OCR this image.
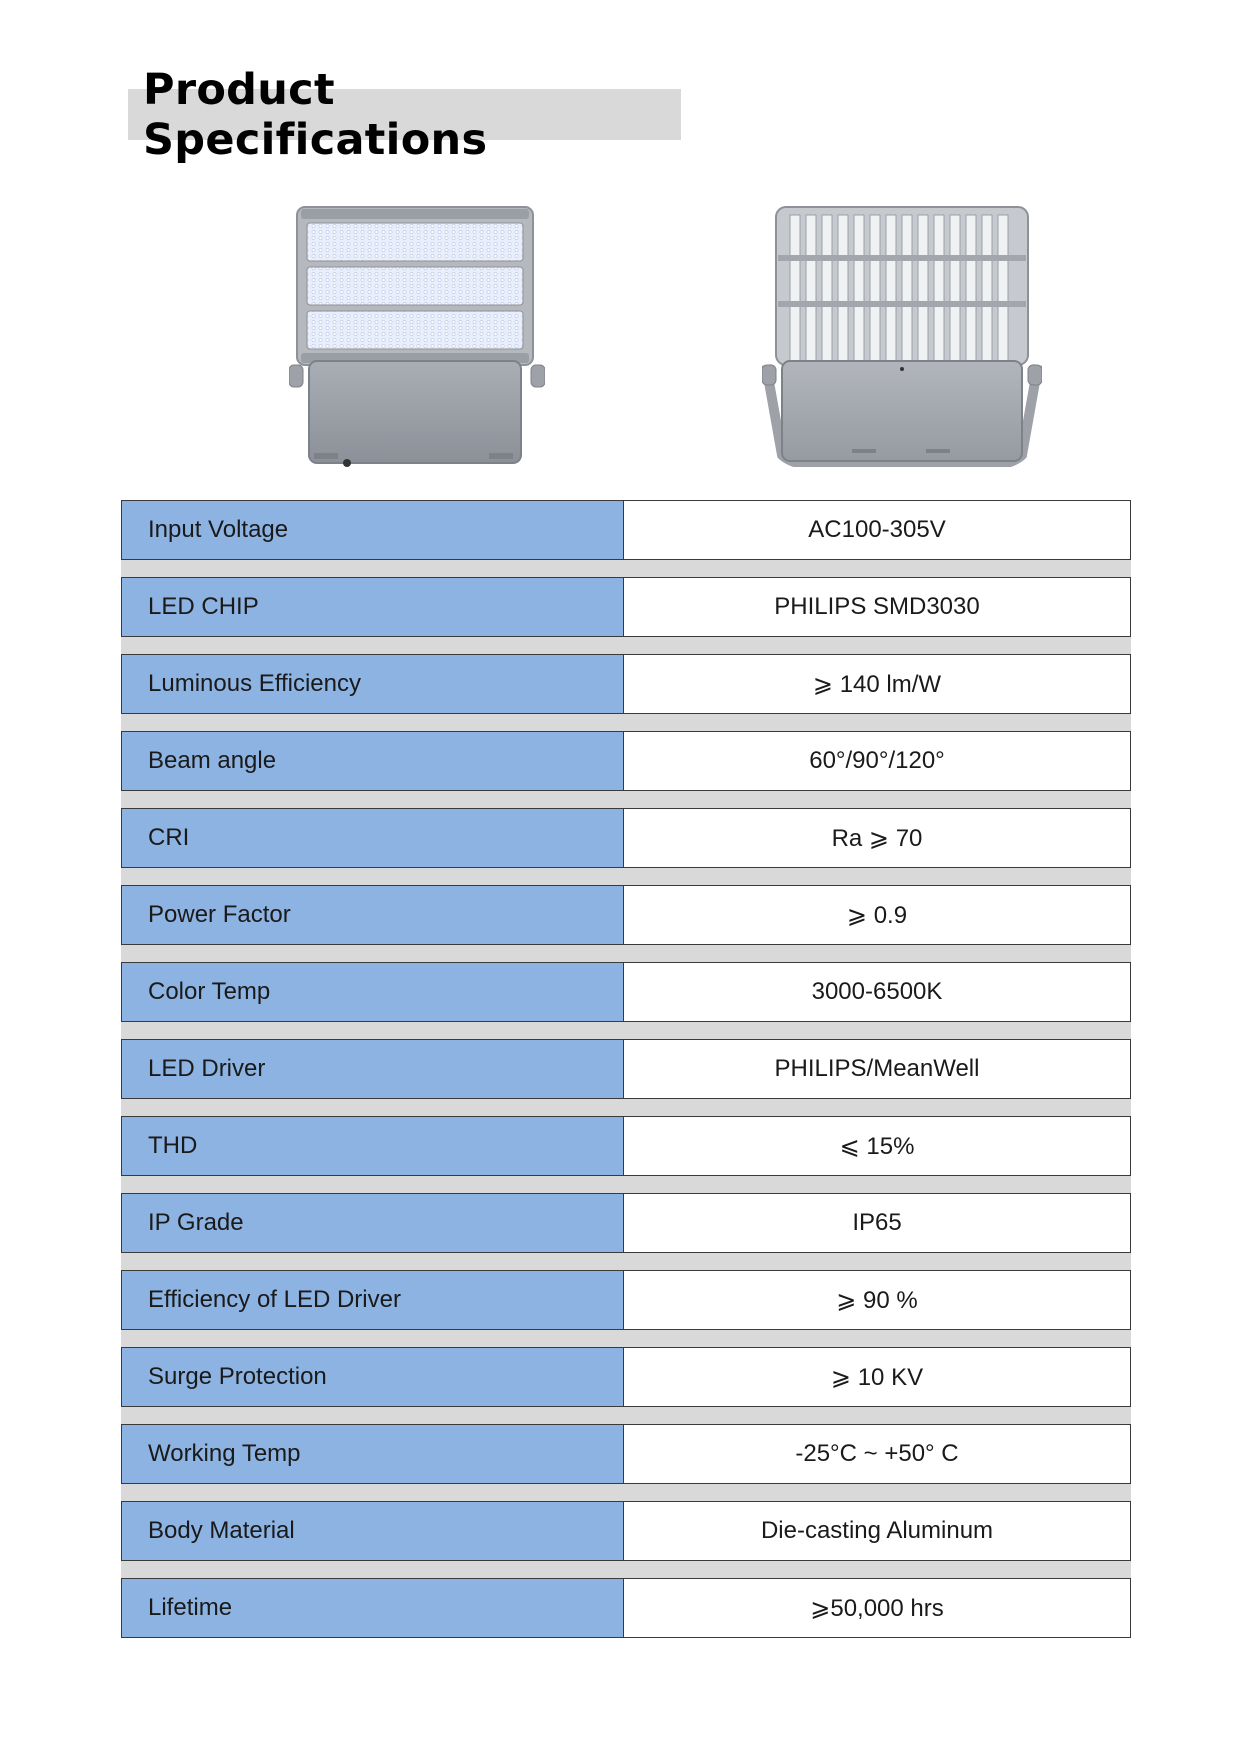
Product Specifications
Input Voltage	AC100-305V
LED CHIP	PHILIPS SMD3030
Luminous Efficiency	⩾ 140 lm/W
Beam angle	60°/90°/120°
CRI	Ra ⩾ 70
Power Factor	⩾ 0.9
Color Temp	3000-6500K
LED Driver	PHILIPS/MeanWell
THD	⩽ 15%
IP Grade	IP65
Efficiency of LED Driver	⩾ 90 %
Surge Protection	⩾ 10 KV
Working Temp	-25°C ~ +50° C
Body Material	Die-casting Aluminum
Lifetime	⩾50,000 hrs
